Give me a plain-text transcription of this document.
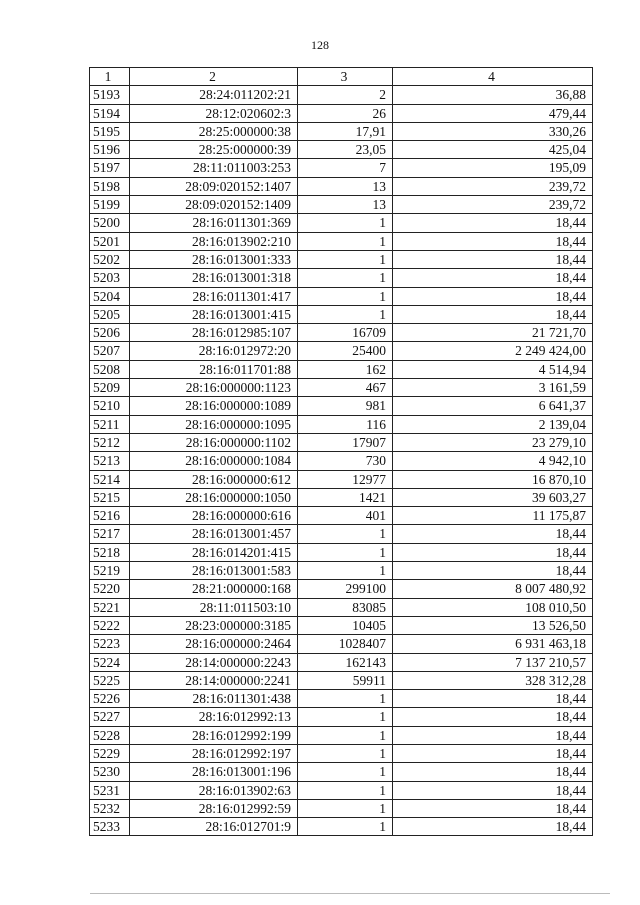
128
1	2	3	4
5193	28:24:011202:21	2	36,88
5194	28:12:020602:3	26	479,44
5195	28:25:000000:38	17,91	330,26
5196	28:25:000000:39	23,05	425,04
5197	28:11:011003:253	7	195,09
5198	28:09:020152:1407	13	239,72
5199	28:09:020152:1409	13	239,72
5200	28:16:011301:369	1	18,44
5201	28:16:013902:210	1	18,44
5202	28:16:013001:333	1	18,44
5203	28:16:013001:318	1	18,44
5204	28:16:011301:417	1	18,44
5205	28:16:013001:415	1	18,44
5206	28:16:012985:107	16709	21 721,70
5207	28:16:012972:20	25400	2 249 424,00
5208	28:16:011701:88	162	4 514,94
5209	28:16:000000:1123	467	3 161,59
5210	28:16:000000:1089	981	6 641,37
5211	28:16:000000:1095	116	2 139,04
5212	28:16:000000:1102	17907	23 279,10
5213	28:16:000000:1084	730	4 942,10
5214	28:16:000000:612	12977	16 870,10
5215	28:16:000000:1050	1421	39 603,27
5216	28:16:000000:616	401	11 175,87
5217	28:16:013001:457	1	18,44
5218	28:16:014201:415	1	18,44
5219	28:16:013001:583	1	18,44
5220	28:21:000000:168	299100	8 007 480,92
5221	28:11:011503:10	83085	108 010,50
5222	28:23:000000:3185	10405	13 526,50
5223	28:16:000000:2464	1028407	6 931 463,18
5224	28:14:000000:2243	162143	7 137 210,57
5225	28:14:000000:2241	59911	328 312,28
5226	28:16:011301:438	1	18,44
5227	28:16:012992:13	1	18,44
5228	28:16:012992:199	1	18,44
5229	28:16:012992:197	1	18,44
5230	28:16:013001:196	1	18,44
5231	28:16:013902:63	1	18,44
5232	28:16:012992:59	1	18,44
5233	28:16:012701:9	1	18,44
